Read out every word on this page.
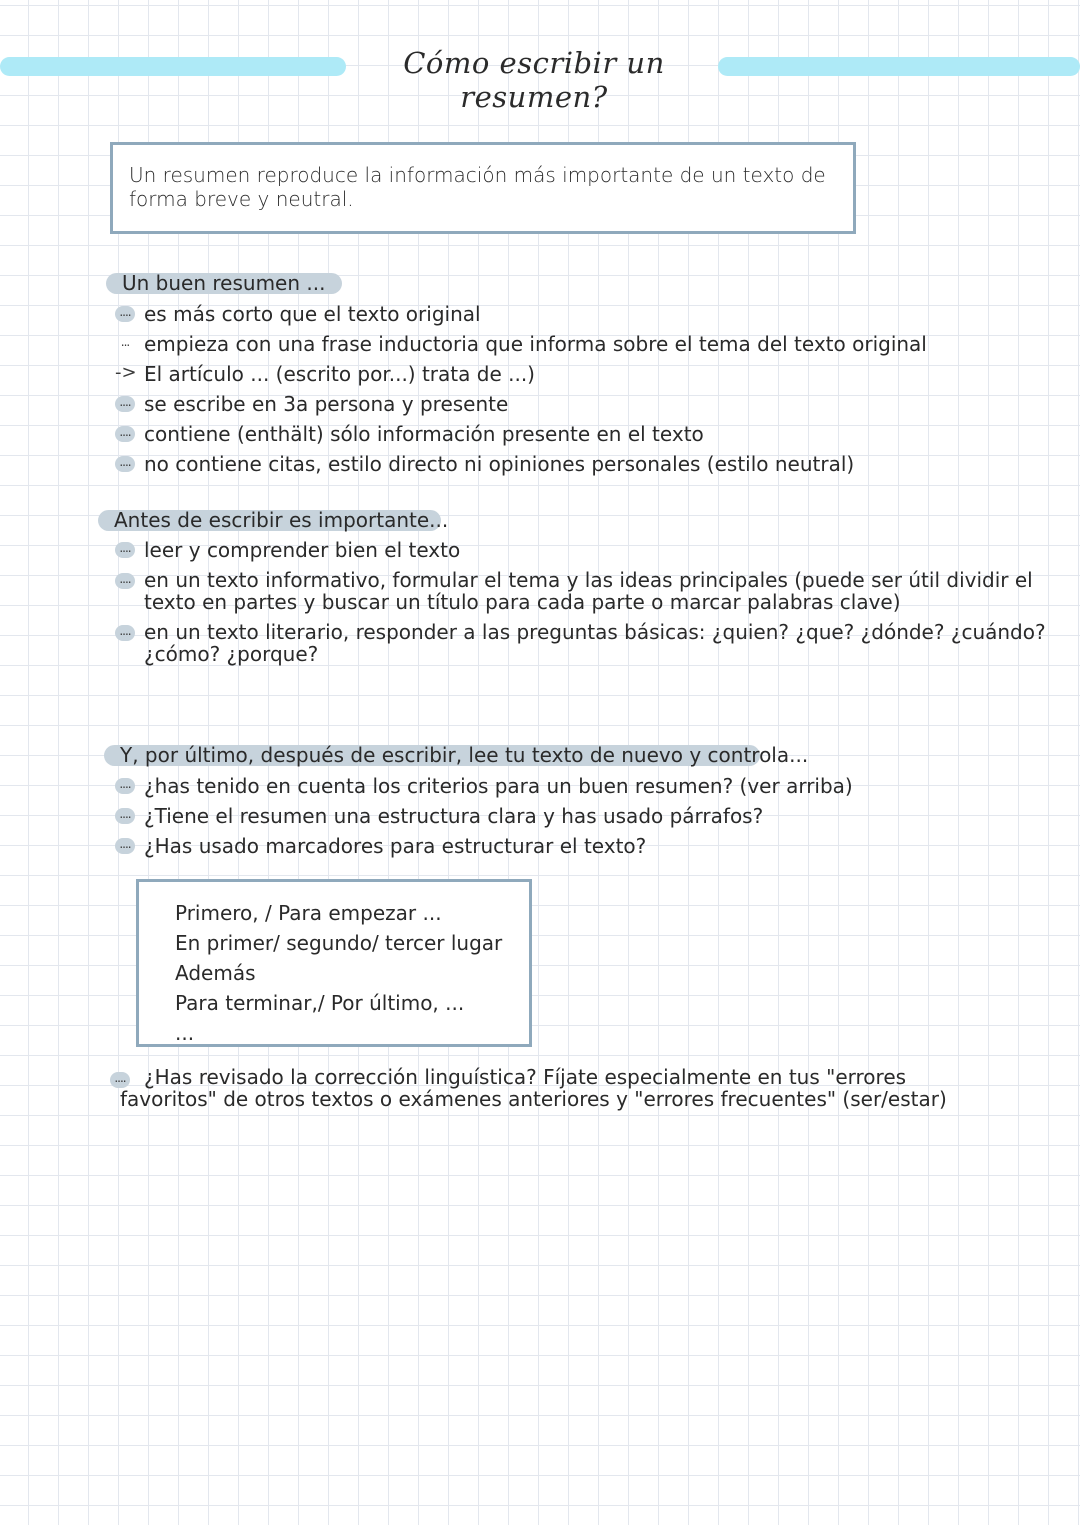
Cómo escribir un resumen?
Un resumen reproduce la información más importante de un texto de forma breve y neutral.
Un buen resumen ...
.... es más corto que el texto original
... empieza con una frase inductoria que informa sobre el tema del texto original
-> El artículo ... (escrito por...) trata de ...)
.... se escribe en 3a persona y presente
.... contiene (enthält) sólo información presente en el texto
.... no contiene citas, estilo directo ni opiniones personales (estilo neutral)
Antes de escribir es importante...
.... leer y comprender bien el texto
.... en un texto informativo, formular el tema y las ideas principales (puede ser útil dividir el texto en partes y buscar un título para cada parte o marcar palabras clave)
.... en un texto literario, responder a las preguntas básicas: ¿quien? ¿que? ¿dónde? ¿cuándo? ¿cómo? ¿porque?
Y, por último, después de escribir, lee tu texto de nuevo y controla...
.... ¿has tenido en cuenta los criterios para un buen resumen? (ver arriba)
.... ¿Tiene el resumen una estructura clara y has usado párrafos?
.... ¿Has usado marcadores para estructurar el texto?
Primero, / Para empezar ...
En primer/ segundo/ tercer lugar
Además
Para terminar,/ Por último, ...
...
.... ¿Has revisado la corrección linguística? Fíjate especialmente en tus "errores favoritos" de otros textos o exámenes anteriores y "errores frecuentes" (ser/estar)
